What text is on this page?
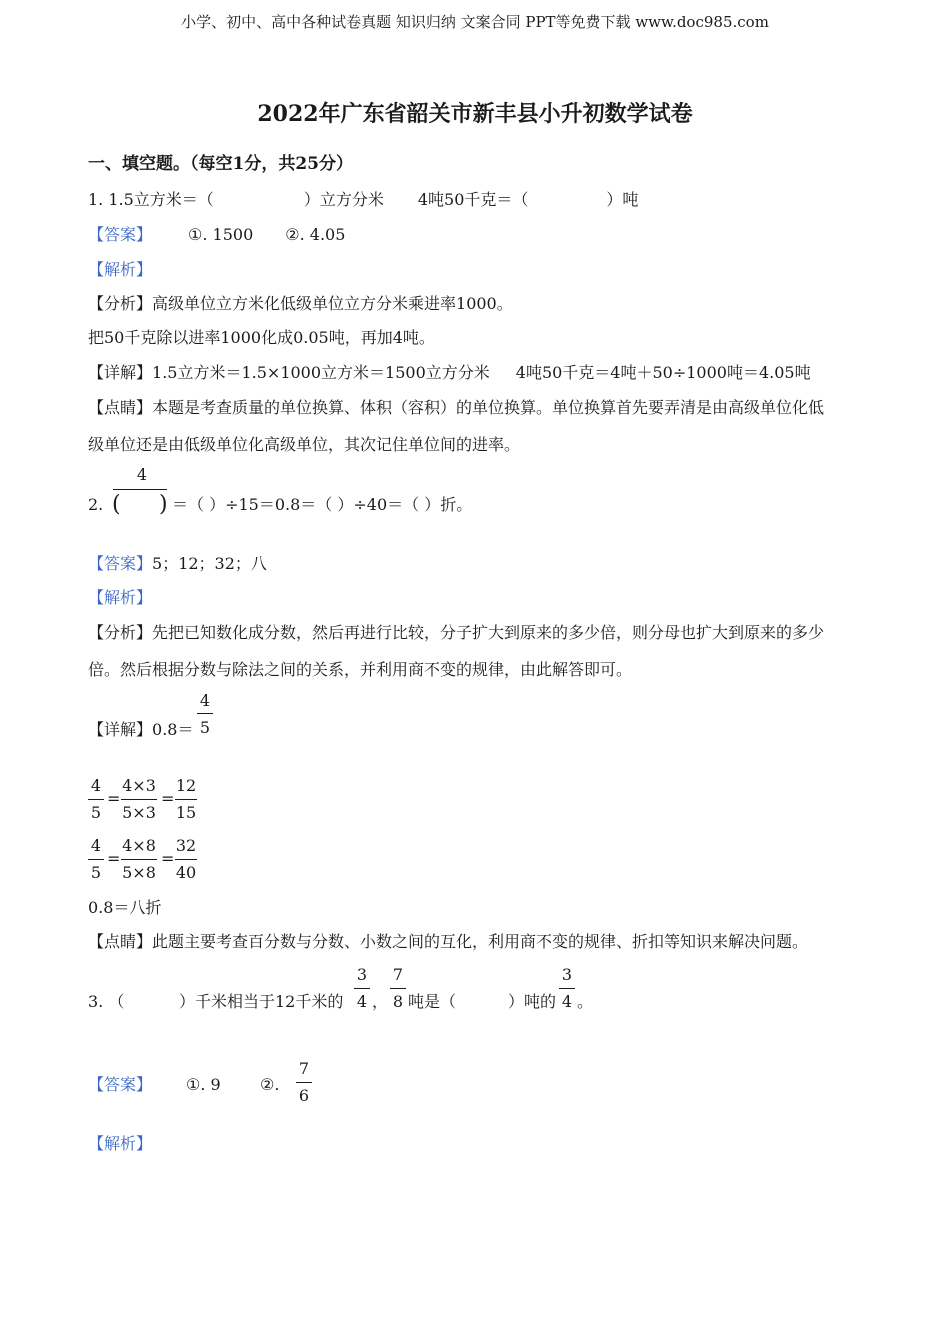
小学、初中、高中各种试卷真题 知识归纳 文案合同 PPT等免费下载 www.doc985.com
2022年广东省韶关市新丰县小升初数学试卷
一、填空题。（每空1分，共25分）
1. 1.5立方米＝（	）立方分米 4吨50千克＝（	）吨
【答案】 ①. 1500 ②. 4.05
【解析】
【分析】高级单位立方米化低级单位立方分米乘进率1000。
把50千克除以进率1000化成0.05吨，再加4吨。
【详解】1.5立方米＝1.5×1000立方米＝1500立方分米 4吨50千克＝4吨＋50÷1000吨＝4.05吨
【点睛】本题是考查质量的单位换算、体积（容积）的单位换算。单位换算首先要弄清是由高级单位化低
级单位还是由低级单位化高级单位，其次记住单位间的进率。
4
2. ( ) ＝（ ）÷15＝0.8＝（ ）÷40＝（ ）折。
【答案】5；12；32；八
【解析】
【分析】先把已知数化成分数，然后再进行比较，分子扩大到原来的多少倍，则分母也扩大到原来的多少
倍。然后根据分数与除法之间的关系，并利用商不变的规律，由此解答即可。
【详解】0.8＝
4
5
4
5
=
4×3
5×3
=
12
15
4
5
=
4×8
5×8
=
32
40
0.8＝八折
【点睛】此题主要考查百分数与分数、小数之间的互化，利用商不变的规律、折扣等知识来解决问题。
3. （	）千米相当于12千米的
3
4 ，
7
8 吨是（	）吨的
3
4 。
【答案】 ①. 9 ②.
7
6
【解析】
